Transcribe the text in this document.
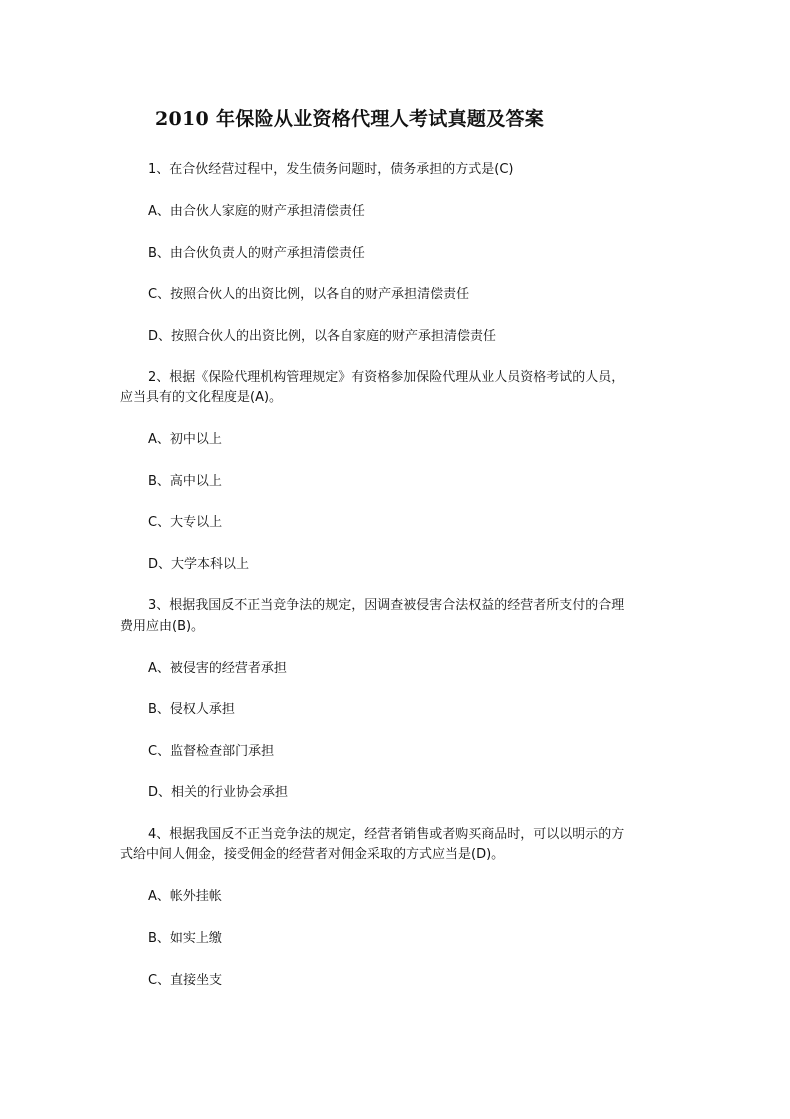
2010 年保险从业资格代理人考试真题及答案
1、在合伙经营过程中，发生债务问题时，债务承担的方式是(C)
A、由合伙人家庭的财产承担清偿责任
B、由合伙负责人的财产承担清偿责任
C、按照合伙人的出资比例，以各自的财产承担清偿责任
D、按照合伙人的出资比例，以各自家庭的财产承担清偿责任
2、根据《保险代理机构管理规定》有资格参加保险代理从业人员资格考试的人员，
应当具有的文化程度是(A)。
A、初中以上
B、高中以上
C、大专以上
D、大学本科以上
3、根据我国反不正当竞争法的规定，因调查被侵害合法权益的经营者所支付的合理
费用应由(B)。
A、被侵害的经营者承担
B、侵权人承担
C、监督检查部门承担
D、相关的行业协会承担
4、根据我国反不正当竞争法的规定，经营者销售或者购买商品时，可以以明示的方
式给中间人佣金，接受佣金的经营者对佣金采取的方式应当是(D)。
A、帐外挂帐
B、如实上缴
C、直接坐支
